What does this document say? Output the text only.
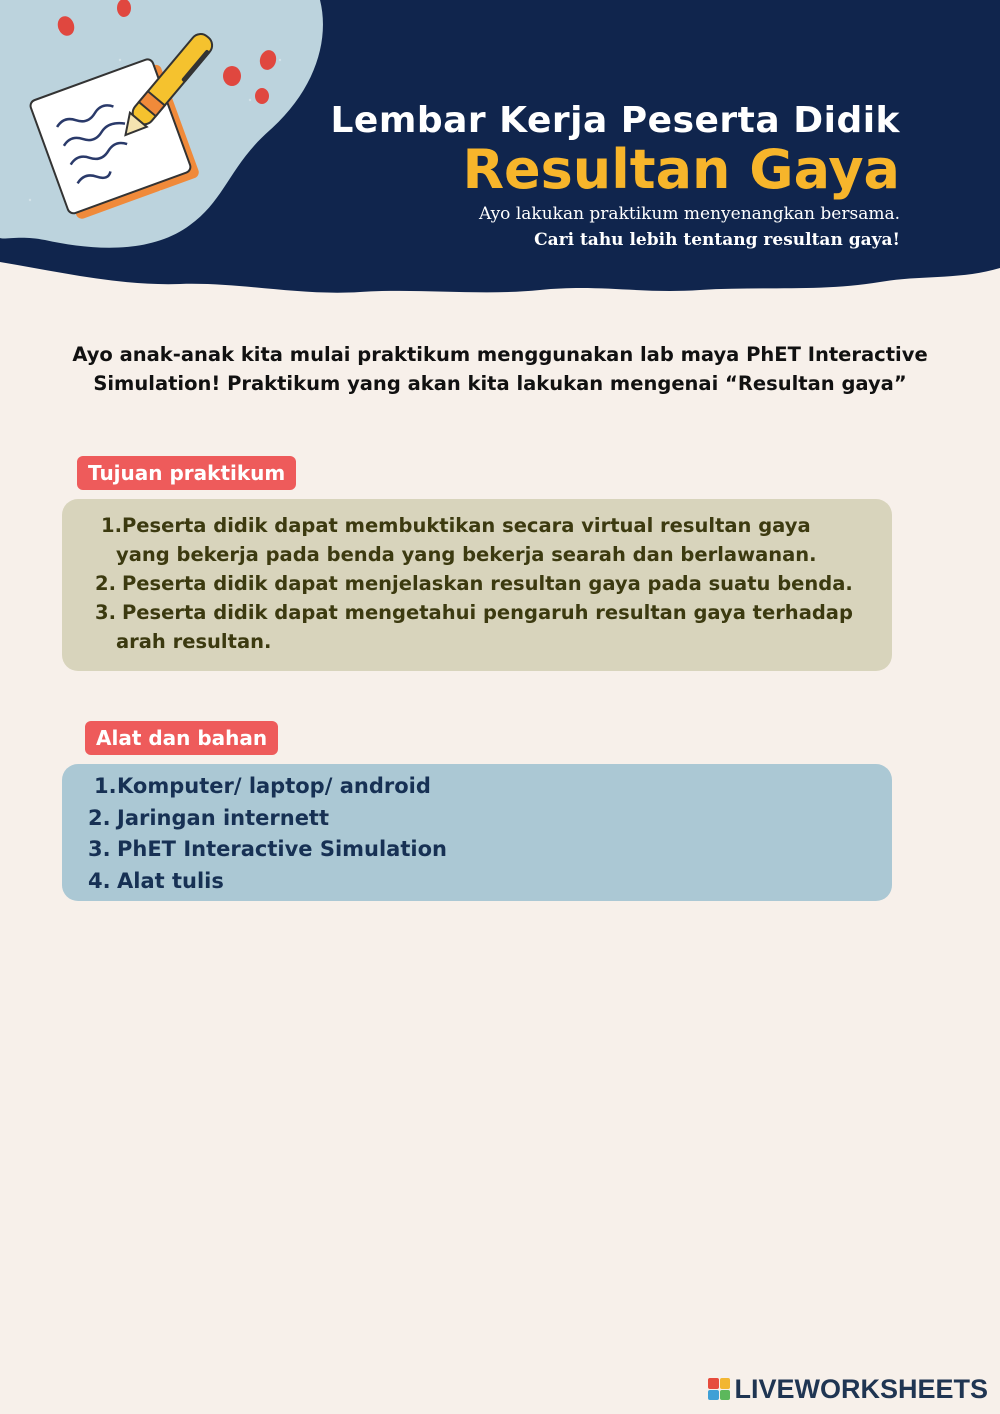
Lembar Kerja Peserta Didik
Resultan Gaya
Ayo lakukan praktikum menyenangkan bersama.
Cari tahu lebih tentang resultan gaya!
Ayo anak-anak kita mulai praktikum menggunakan lab maya PhET Interactive
Simulation! Praktikum yang akan kita lakukan mengenai “Resultan gaya”
Tujuan praktikum
1. Peserta didik dapat membuktikan secara virtual resultan gaya
yang bekerja pada benda yang bekerja searah dan berlawanan.
2. Peserta didik dapat menjelaskan resultan gaya pada suatu benda.
3. Peserta didik dapat mengetahui pengaruh resultan gaya terhadap
arah resultan.
Alat dan bahan
1. Komputer/ laptop/ android
2. Jaringan internett
3. PhET Interactive Simulation
4. Alat tulis
LIVEWORKSHEETS
